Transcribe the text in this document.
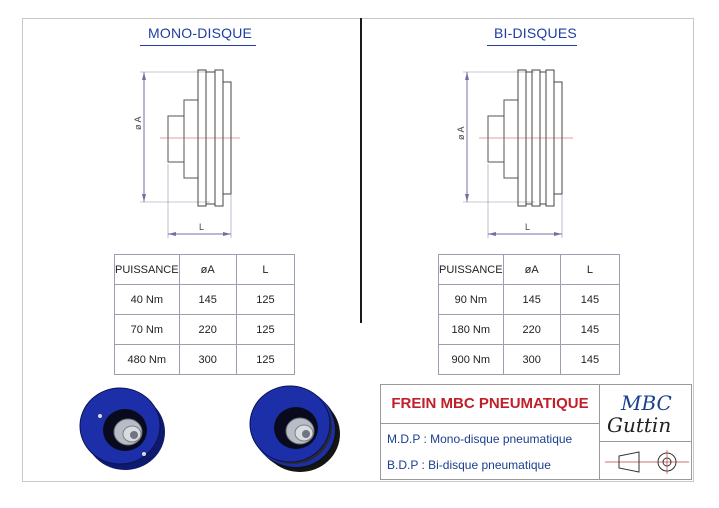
MONO-DISQUE	BI-DISQUES
ø A
L
ø A
L
PUISSANCE	øA	L
40 Nm	145	125
70 Nm	220	125
480 Nm	300	125
PUISSANCE	øA	L
90 Nm	145	145
180 Nm	220	145
900 Nm	300	145
FREIN MBC PNEUMATIQUE
M.D.P : Mono-disque pneumatique
B.D.P : Bi-disque pneumatique
MBC
Guttin
